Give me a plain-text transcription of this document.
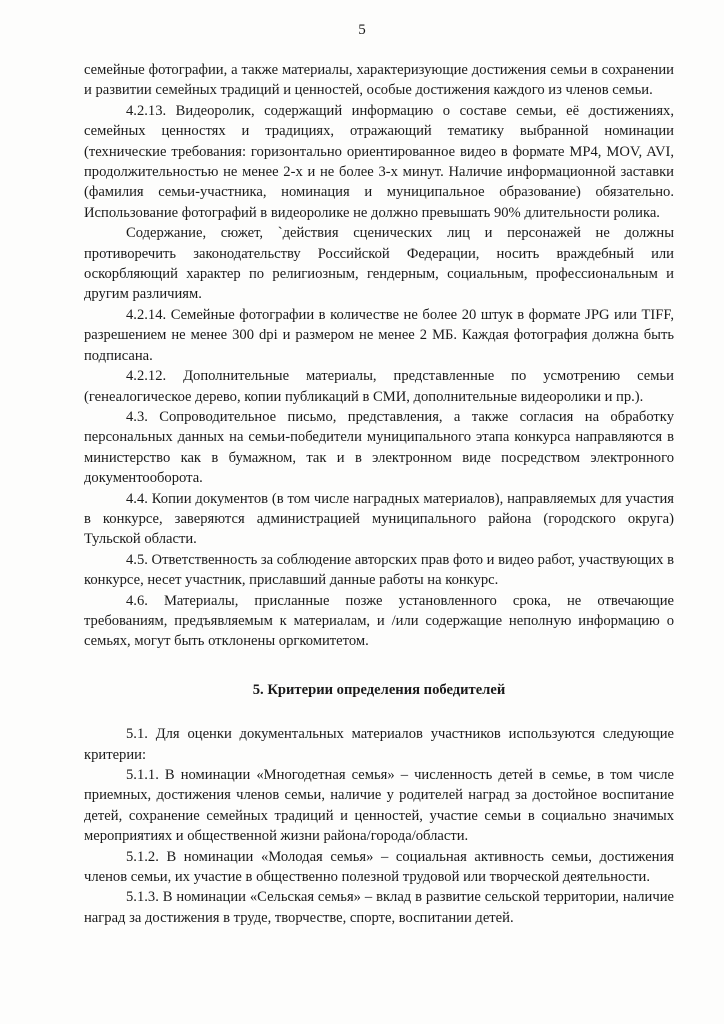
5

семейные фотографии, а также материалы, характеризующие достижения семьи в сохранении и развитии семейных традиций и ценностей, особые достижения каждого из членов семьи.

4.2.13. Видеоролик, содержащий информацию о составе семьи, её достижениях, семейных ценностях и традициях, отражающий тематику выбранной номинации (технические требования: горизонтально ориентированное видео в формате MP4, MOV, AVI, продолжительностью не менее 2-х и не более 3-х минут. Наличие информационной заставки (фамилия семьи-участника, номинация и муниципальное образование) обязательно. Использование фотографий в видеоролике не должно превышать 90% длительности ролика.

Содержание, сюжет, `действия сценических лиц и персонажей не должны противоречить законодательству Российской Федерации, носить враждебный или оскорбляющий характер по религиозным, гендерным, социальным, профессиональным и другим различиям.

4.2.14. Семейные фотографии в количестве не более 20 штук в формате JPG или TIFF, разрешением не менее 300 dpi и размером не менее 2 МБ. Каждая фотография должна быть подписана.

4.2.12. Дополнительные материалы, представленные по усмотрению семьи (генеалогическое дерево, копии публикаций в СМИ, дополнительные видеоролики и пр.).

4.3. Сопроводительное письмо, представления, а также согласия на обработку персональных данных на семьи-победители муниципального этапа конкурса направляются в министерство как в бумажном, так и в электронном виде посредством электронного документооборота.

4.4. Копии документов (в том числе наградных материалов), направляемых для участия в конкурсе, заверяются администрацией муниципального района (городского округа) Тульской области.

4.5. Ответственность за соблюдение авторских прав фото и видео работ, участвующих в конкурсе, несет участник, приславший данные работы на конкурс.

4.6. Материалы, присланные позже установленного срока, не отвечающие требованиям, предъявляемым к материалам, и /или содержащие неполную информацию о семьях, могут быть отклонены оргкомитетом.

5. Критерии определения победителей

5.1. Для оценки документальных материалов участников используются следующие критерии:

5.1.1. В номинации «Многодетная семья» – численность детей в семье, в том числе приемных, достижения членов семьи, наличие у родителей наград за достойное воспитание детей, сохранение семейных традиций и ценностей, участие семьи в социально значимых мероприятиях и общественной жизни района/города/области.

5.1.2. В номинации «Молодая семья» – социальная активность семьи, достижения членов семьи, их участие в общественно полезной трудовой или творческой деятельности.

5.1.3. В номинации «Сельская семья» – вклад в развитие сельской территории, наличие наград за достижения в труде, творчестве, спорте, воспитании детей.
